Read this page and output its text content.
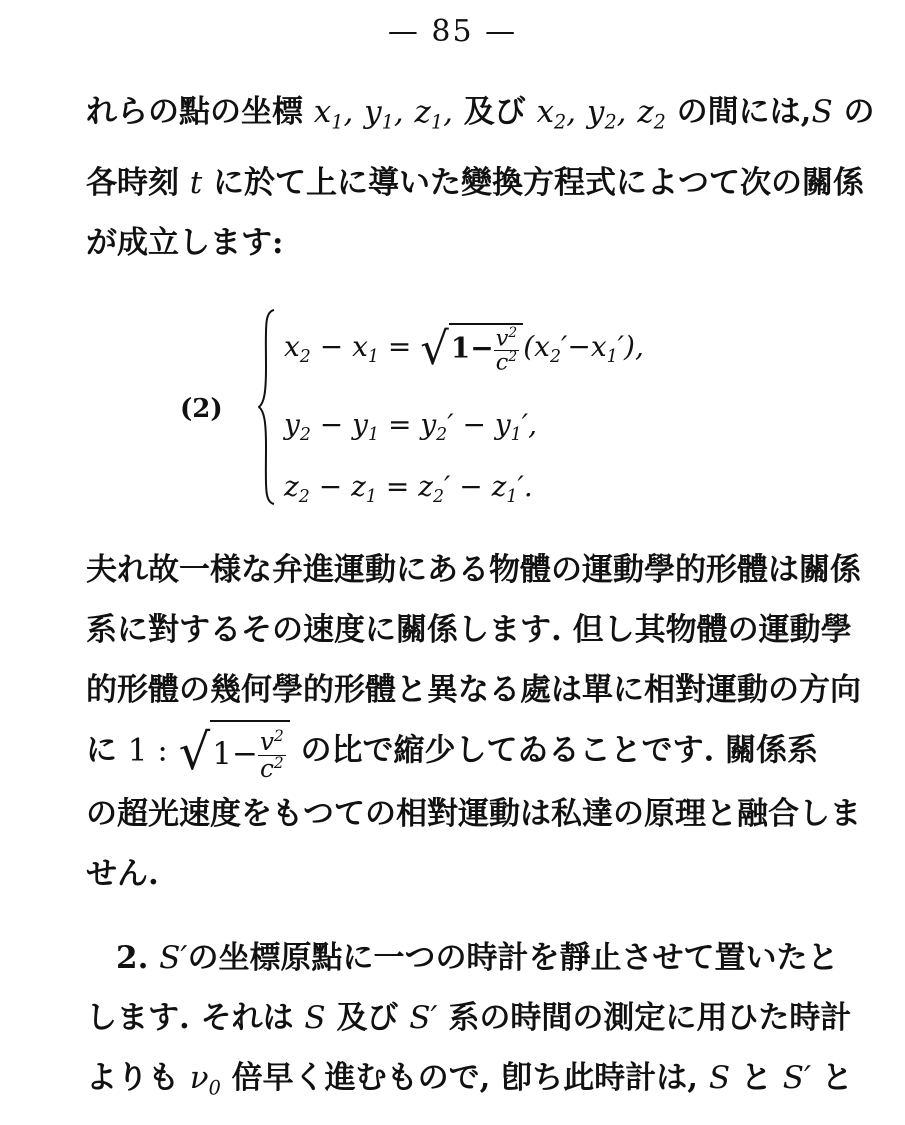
— 85 —
れらの點の坐標 $x_1$, $y_1$, $z_1$, 及び $x_2$, $y_2$, $z_2$ の間には,S の
各時刻 t に於て上に導いた變換方程式によつて次の關係
が成立します:
(2)
$x_2 - x_1 = √1- \frac{v^2}{c^2} (x_2'-x_1')$,
$y_2 - y_1 = y_2' - y_1'$,
$z_2 - z_1 = z_2' - z_1'$.
夫れ故一様な弁進運動にある物體の運動學的形體は關係
系に對するその速度に關係します. 但し其物體の運動學
的形體の幾何學的形體と異なる處は單に相對運動の方向
に 1 : $√1- \frac{v^2}{c^2}$ の比で縮少してゐることです. 關係系
の超光速度をもつての相對運動は私達の原理と融合しま
せん.
2. S′の坐標原點に一つの時計を靜止させて置いたと
します. それは S 及び S′ 系の時間の測定に用ひた時計
よりも $\nu_0$ 倍早く進むもので, 卽ち此時計は, S と S′ と
